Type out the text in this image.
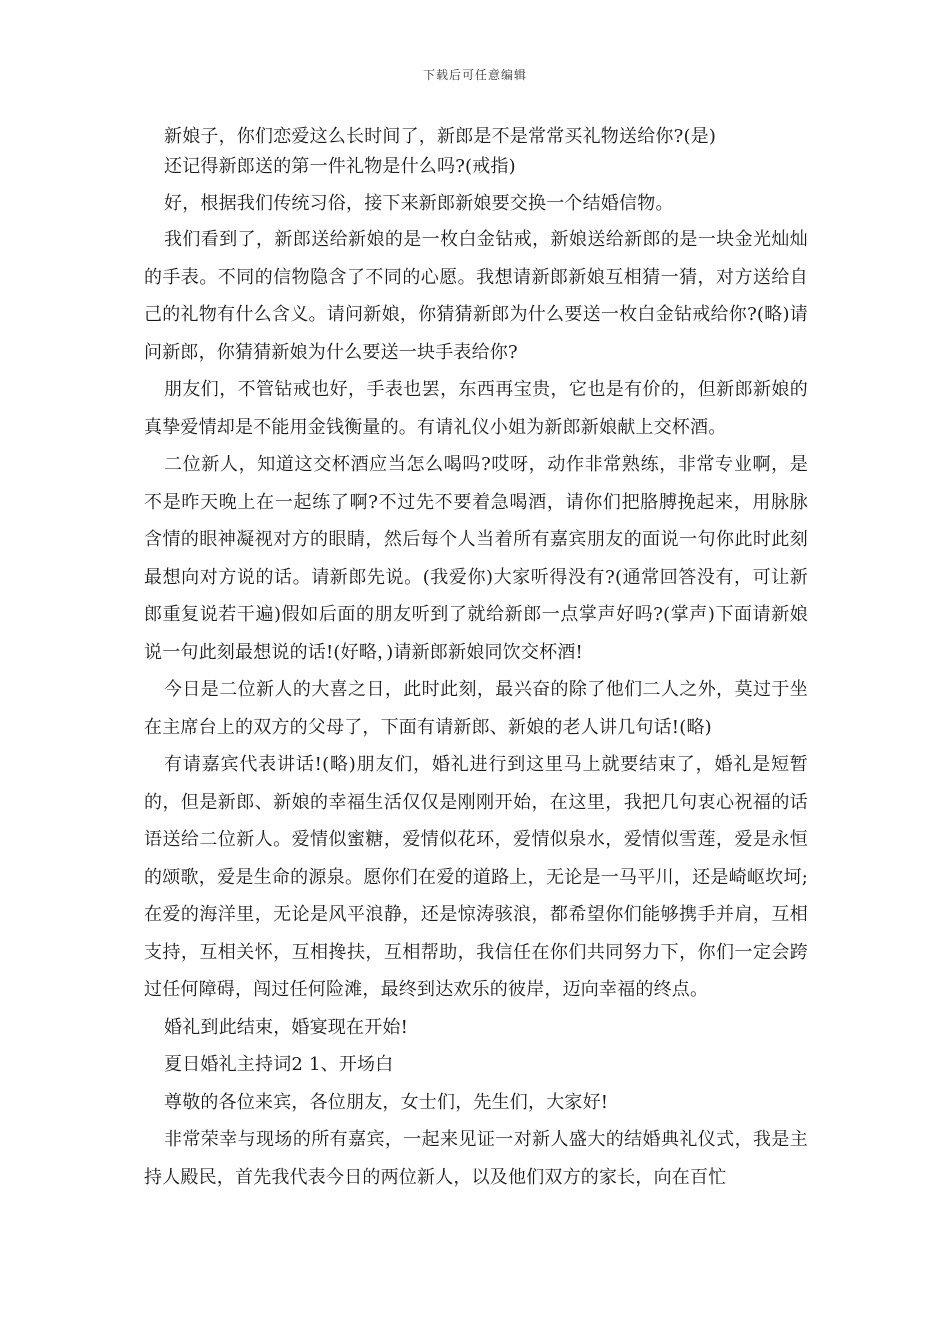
下载后可任意编辑

新娘子，你们恋爱这么长时间了，新郎是不是常常买礼物送给你?(是)

还记得新郎送的第一件礼物是什么吗?(戒指)

好，根据我们传统习俗，接下来新郎新娘要交换一个结婚信物。

我们看到了，新郎送给新娘的是一枚白金钻戒，新娘送给新郎的是一块金光灿灿的手表。不同的信物隐含了不同的心愿。我想请新郎新娘互相猜一猜，对方送给自己的礼物有什么含义。请问新娘，你猜猜新郎为什么要送一枚白金钻戒给你?(略)请问新郎，你猜猜新娘为什么要送一块手表给你?

朋友们，不管钻戒也好，手表也罢，东西再宝贵，它也是有价的，但新郎新娘的真挚爱情却是不能用金钱衡量的。有请礼仪小姐为新郎新娘献上交杯酒。

二位新人，知道这交杯酒应当怎么喝吗?哎呀，动作非常熟练，非常专业啊，是不是昨天晚上在一起练了啊?不过先不要着急喝酒，请你们把胳膊挽起来，用脉脉含情的眼神凝视对方的眼睛，然后每个人当着所有嘉宾朋友的面说一句你此时此刻最想向对方说的话。请新郎先说。(我爱你)大家听得没有?(通常回答没有，可让新郎重复说若干遍)假如后面的朋友听到了就给新郎一点掌声好吗?(掌声)下面请新娘说一句此刻最想说的话!(好略，)请新郎新娘同饮交杯酒!

今日是二位新人的大喜之日，此时此刻，最兴奋的除了他们二人之外，莫过于坐在主席台上的双方的父母了，下面有请新郎、新娘的老人讲几句话!(略)

有请嘉宾代表讲话!(略)朋友们，婚礼进行到这里马上就要结束了，婚礼是短暂的，但是新郎、新娘的幸福生活仅仅是刚刚开始，在这里，我把几句衷心祝福的话语送给二位新人。爱情似蜜糖，爱情似花环，爱情似泉水，爱情似雪莲，爱是永恒的颂歌，爱是生命的源泉。愿你们在爱的道路上，无论是一马平川，还是崎岖坎坷;在爱的海洋里，无论是风平浪静，还是惊涛骇浪，都希望你们能够携手并肩，互相支持，互相关怀，互相搀扶，互相帮助，我信任在你们共同努力下，你们一定会跨过任何障碍，闯过任何险滩，最终到达欢乐的彼岸，迈向幸福的终点。

婚礼到此结束，婚宴现在开始!

夏日婚礼主持词2 1、开场白

尊敬的各位来宾，各位朋友，女士们，先生们，大家好!

非常荣幸与现场的所有嘉宾，一起来见证一对新人盛大的结婚典礼仪式，我是主持人殿民，首先我代表今日的两位新人，以及他们双方的家长，向在百忙
